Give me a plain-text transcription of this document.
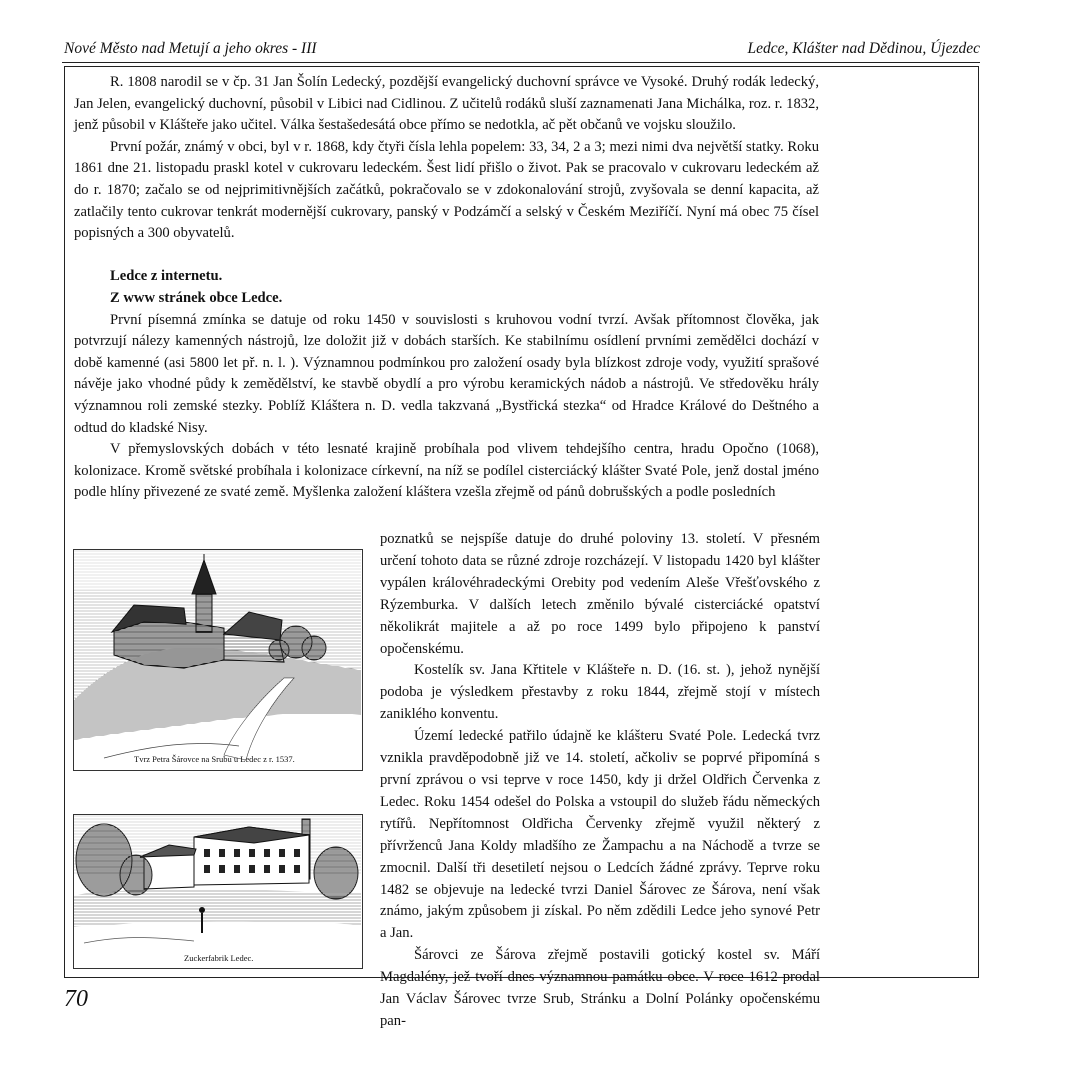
Nové Město nad Metují a jeho okres - III	Ledce, Klášter nad Dědinou, Újezdec

R. 1808 narodil se v čp. 31 Jan Šolín Ledecký, pozdější evangelický duchovní správce ve Vysoké. Druhý rodák ledecký, Jan Jelen, evangelický duchovní, působil v Libici nad Cidlinou. Z učitelů rodáků sluší zaznamenati Jana Michálka, roz. r. 1832, jenž působil v Klášteře jako učitel. Válka šestašedesátá obce přímo se nedotkla, ač pět občanů ve vojsku sloužilo.

První požár, známý v obci, byl v r. 1868, kdy čtyři čísla lehla popelem: 33, 34, 2 a 3; mezi nimi dva největší statky. Roku 1861 dne 21. listopadu praskl kotel v cukrovaru ledeckém. Šest lidí přišlo o život. Pak se pracovalo v cukrovaru ledeckém až do r. 1870; začalo se od nejprimitivnějších začátků, pokračovalo se v zdokonalování strojů, zvyšovala se denní kapacita, až zatlačily tento cukrovar tenkrát modernější cukrovary, panský v Podzámčí a selský v Českém Meziříčí. Nyní má obec 75 čísel popisných a 300 obyvatelů.

Ledce z internetu.
Z www stránek obce Ledce.

První písemná zmínka se datuje od roku 1450 v souvislosti s kruhovou vodní tvrzí. Avšak přítomnost člověka, jak potvrzují nálezy kamenných nástrojů, lze doložit již v dobách starších. Ke stabilnímu osídlení prvními zemědělci dochází v době kamenné (asi 5800 let př. n. l. ). Významnou podmínkou pro založení osady byla blízkost zdroje vody, využití sprašové návěje jako vhodné půdy k zemědělství, ke stavbě obydlí a pro výrobu keramických nádob a nástrojů. Ve středověku hrály významnou roli zemské stezky. Poblíž Kláštera n. D. vedla takzvaná „Bystřická stezka“ od Hradce Králové do Deštného a odtud do kladské Nisy.

V přemyslovských dobách v této lesnaté krajině probíhala pod vlivem tehdejšího centra, hradu Opočno (1068), kolonizace. Kromě světské probíhala i kolonizace církevní, na níž se podílel cisterciácký klášter Svaté Pole, jenž dostal jméno podle hlíny přivezené ze svaté země. Myšlenka založení kláštera vzešla zřejmě od pánů dobrušských a podle posledních

poznatků se nejspíše datuje do druhé poloviny 13. století. V přesném určení tohoto data se různé zdroje rozcházejí. V listopadu 1420 byl klášter vypálen královéhradeckými Orebity pod vedením Aleše Vřešťovského z Rýzemburka. V dalších letech změnilo bývalé cisterciácké opatství několikrát majitele a až po roce 1499 bylo připojeno k panství opočenskému.

Kostelík sv. Jana Křtitele v Klášteře n. D. (16. st. ), jehož nynější podoba je výsledkem přestavby z roku 1844, zřejmě stojí v místech zaniklého konventu.

Území ledecké patřilo údajně ke klášteru Svaté Pole. Ledecká tvrz vznikla pravděpodobně již ve 14. století, ačkoliv se poprvé připomíná s první zprávou o vsi teprve v roce 1450, kdy ji držel Oldřich Červenka z Ledec. Roku 1454 odešel do Polska a vstoupil do služeb řádu německých rytířů. Nepřítomnost Oldřicha Červenky zřejmě využil některý z přívrženců Jana Koldy mladšího ze Žampachu a na Náchodě a tvrze se zmocnil. Další tři desetiletí nejsou o Ledcích žádné zprávy. Teprve roku 1482 se objevuje na ledecké tvrzi Daniel Šárovec ze Šárova, není však známo, jakým způsobem ji získal. Po něm zdědili Ledce jeho synové Petr a Jan.

Šárovci ze Šárova zřejmě postavili gotický kostel sv. Máří Magdalény, jež tvoří dnes významnou památku obce. V roce 1612 prodal Jan Václav Šárovec tvrze Srub, Stránku a Dolní Polánky opočenskému pan-

Tvrz Petra Šárovce na Srubu u Ledec z r. 1537.
Zuckerfabrik Ledec.
70
